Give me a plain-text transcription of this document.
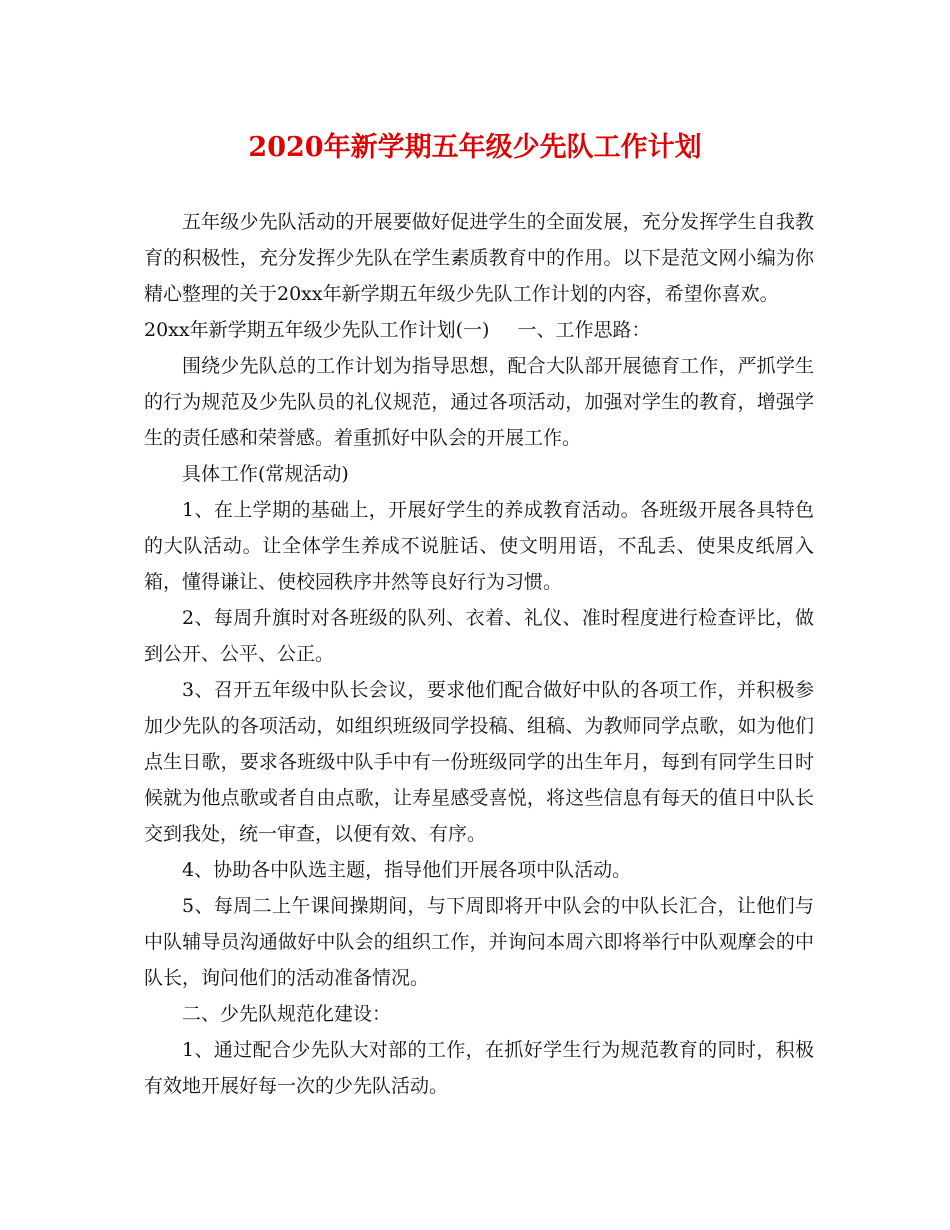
2020年新学期五年级少先队工作计划

五年级少先队活动的开展要做好促进学生的全面发展，充分发挥学生自我教育的积极性，充分发挥少先队在学生素质教育中的作用。以下是范文网小编为你精心整理的关于20xx年新学期五年级少先队工作计划的内容，希望你喜欢。

20xx年新学期五年级少先队工作计划(一) 一、工作思路：

围绕少先队总的工作计划为指导思想，配合大队部开展德育工作，严抓学生的行为规范及少先队员的礼仪规范，通过各项活动，加强对学生的教育，增强学生的责任感和荣誉感。着重抓好中队会的开展工作。

具体工作(常规活动)

1、在上学期的基础上，开展好学生的养成教育活动。各班级开展各具特色的大队活动。让全体学生养成不说脏话、使文明用语，不乱丢、使果皮纸屑入箱，懂得谦让、使校园秩序井然等良好行为习惯。

2、每周升旗时对各班级的队列、衣着、礼仪、准时程度进行检查评比，做到公开、公平、公正。

3、召开五年级中队长会议，要求他们配合做好中队的各项工作，并积极参加少先队的各项活动，如组织班级同学投稿、组稿、为教师同学点歌，如为他们点生日歌，要求各班级中队手中有一份班级同学的出生年月，每到有同学生日时候就为他点歌或者自由点歌，让寿星感受喜悦，将这些信息有每天的值日中队长交到我处，统一审查，以便有效、有序。

4、协助各中队选主题，指导他们开展各项中队活动。

5、每周二上午课间操期间，与下周即将开中队会的中队长汇合，让他们与中队辅导员沟通做好中队会的组织工作，并询问本周六即将举行中队观摩会的中队长，询问他们的活动准备情况。

二、少先队规范化建设：

1、通过配合少先队大对部的工作，在抓好学生行为规范教育的同时，积极有效地开展好每一次的少先队活动。
